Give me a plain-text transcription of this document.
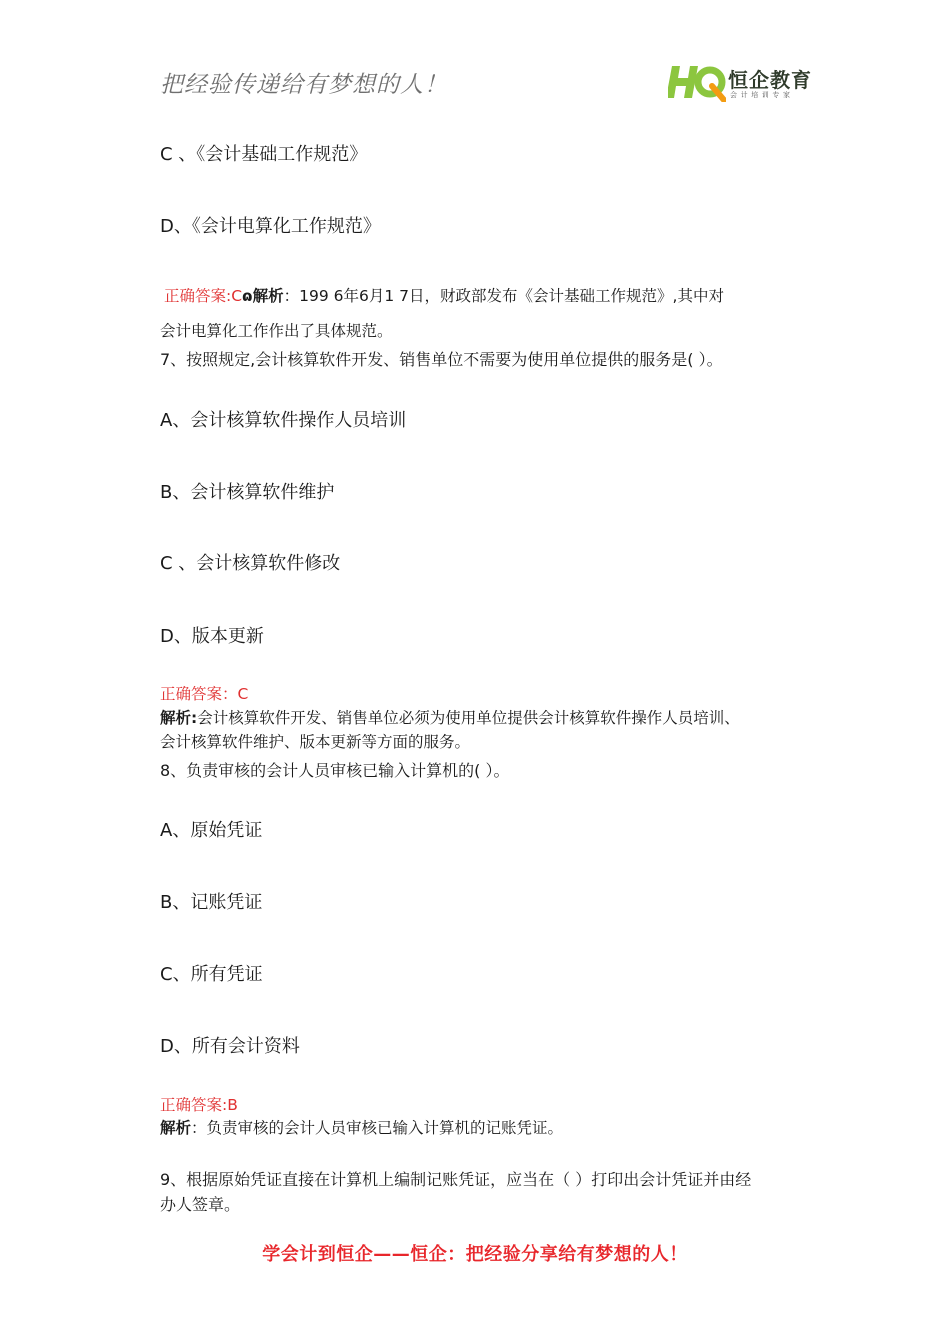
把经验传递给有梦想的人！	恒企教育
会计培训专家
C 、《会计基础工作规范》
D、《会计电算化工作规范》
正确答案:Cɷ解析：199 6年6月1 7日，财政部发布《会计基础工作规范》,其中对
会计电算化工作作出了具体规范。
7、按照规定,会计核算软件开发、销售单位不需要为使用单位提供的服务是( ）。
A、会计核算软件操作人员培训
B、会计核算软件维护
C 、会计核算软件修改
D、版本更新
正确答案：C
解析:会计核算软件开发、销售单位必须为使用单位提供会计核算软件操作人员培训、
会计核算软件维护、版本更新等方面的服务。
8、负责审核的会计人员审核已输入计算机的( ）。
A、原始凭证
B、记账凭证
C、所有凭证
D、所有会计资料
正确答案:B
解析：负责审核的会计人员审核已输入计算机的记账凭证。
9、根据原始凭证直接在计算机上编制记账凭证，应当在（ ）打印出会计凭证并由经
办人签章。
学会计到恒企——恒企：把经验分享给有梦想的人！
